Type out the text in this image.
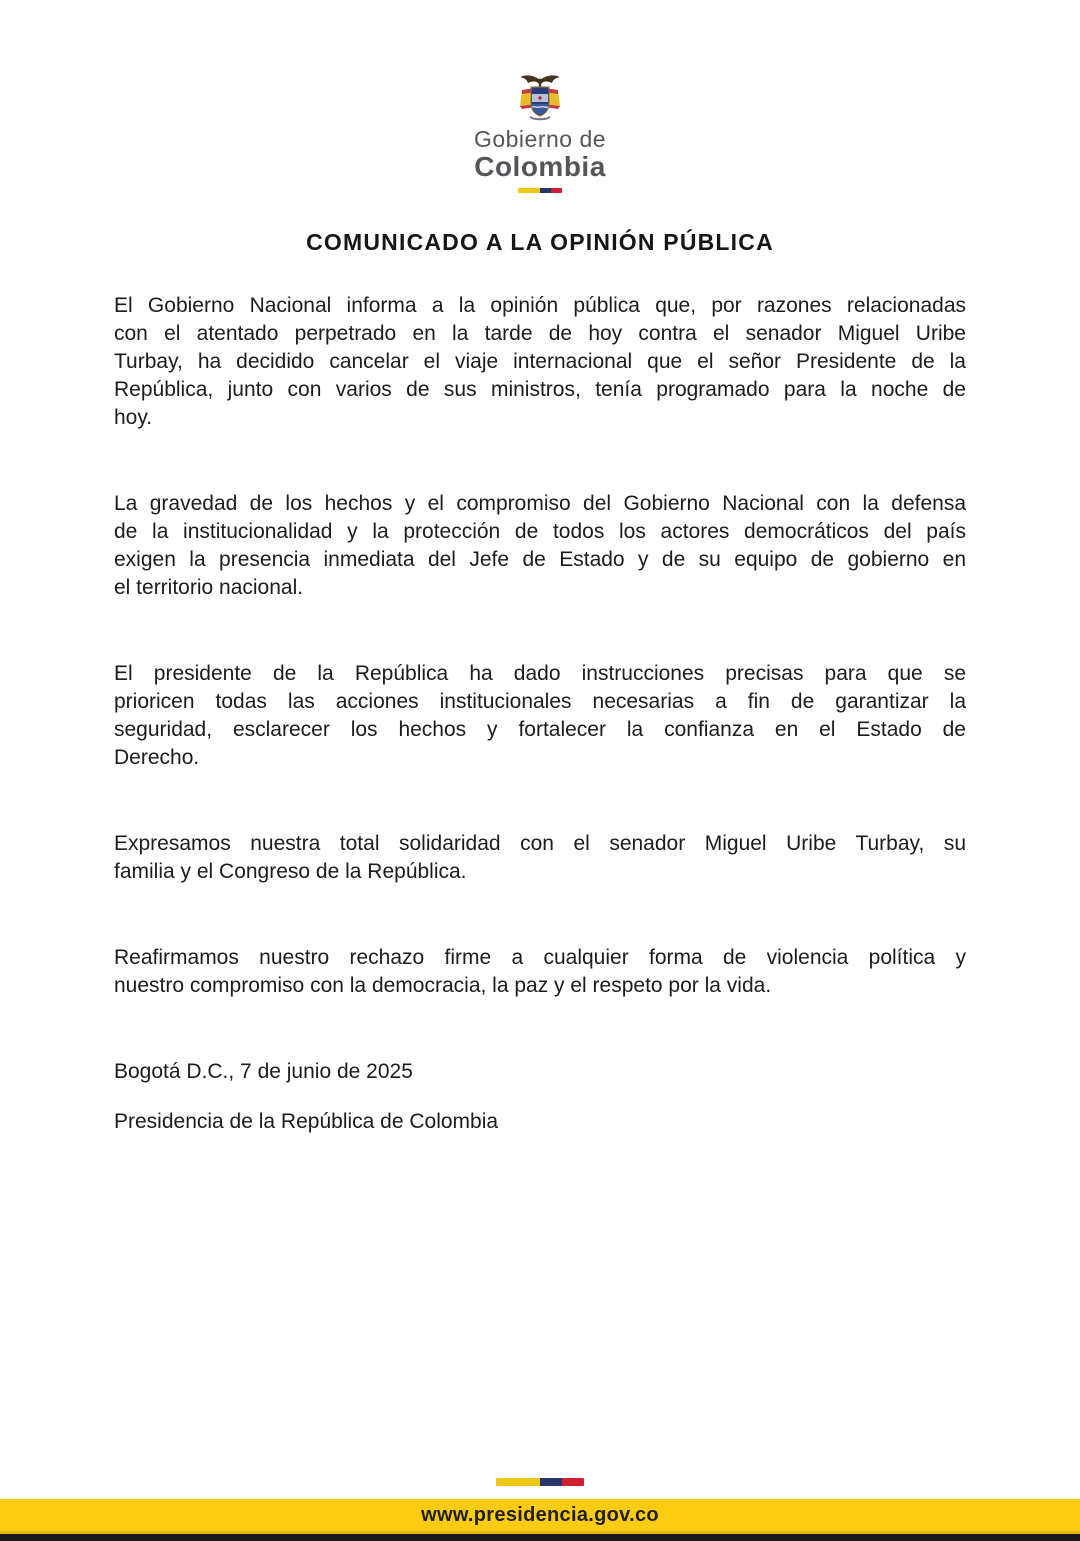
Gobierno de
Colombia
COMUNICADO A LA OPINIÓN PÚBLICA
El Gobierno Nacional informa a la opinión pública que, por razones relacionadas
con el atentado perpetrado en la tarde de hoy contra el senador Miguel Uribe
Turbay, ha decidido cancelar el viaje internacional que el señor Presidente de la
República, junto con varios de sus ministros, tenía programado para la noche de
hoy.
La gravedad de los hechos y el compromiso del Gobierno Nacional con la defensa
de la institucionalidad y la protección de todos los actores democráticos del país
exigen la presencia inmediata del Jefe de Estado y de su equipo de gobierno en
el territorio nacional.
El presidente de la República ha dado instrucciones precisas para que se
prioricen todas las acciones institucionales necesarias a fin de garantizar la
seguridad, esclarecer los hechos y fortalecer la confianza en el Estado de
Derecho.
Expresamos nuestra total solidaridad con el senador Miguel Uribe Turbay, su
familia y el Congreso de la República.
Reafirmamos nuestro rechazo firme a cualquier forma de violencia política y
nuestro compromiso con la democracia, la paz y el respeto por la vida.
Bogotá D.C., 7 de junio de 2025
Presidencia de la República de Colombia
www.presidencia.gov.co
